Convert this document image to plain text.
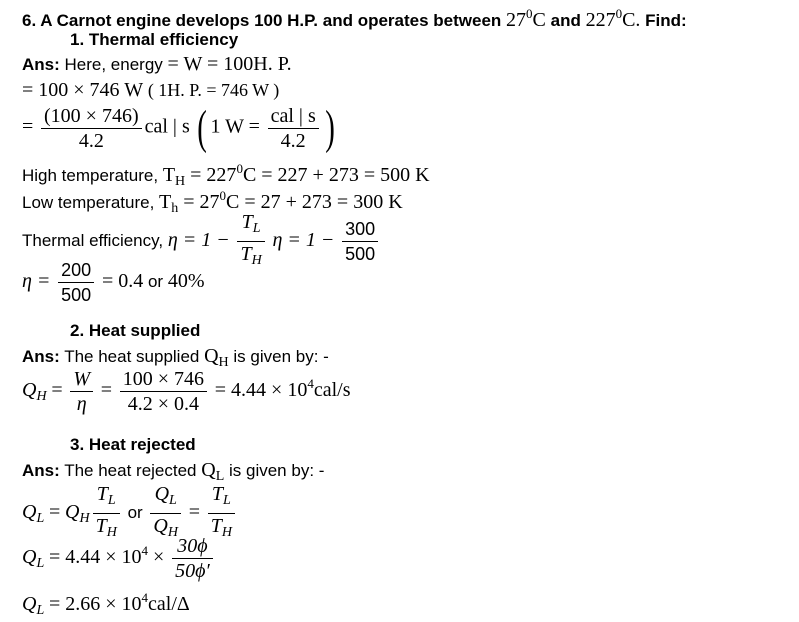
6. A Carnot engine develops 100 H.P. and operates between $27^0C$ and $227^0C$. Find:
1. Thermal efficiency
Ans: Here, energy = W = 100H. P.
= 100 × 746 W ( 1H. P. = 746 W )
= $\frac{(100 \times 746)}{4.2}$ cal | s ( 1 $W = \frac{\text{cal | s}}{4.2}$ )
High temperature, $T_H = 227^0C = 227 + 273 = 500$ K
Low temperature, $T_h = 27^0C = 27 + 273 = 300$ K
Thermal efficiency, $\eta = 1 - \frac{T_L}{T_H}$ $\eta = 1 - \frac{300}{500}$
$\eta = \frac{200}{500} = 0.4$ or 40%
2. Heat supplied
Ans: The heat supplied $Q_H$ is given by: -
$Q_H = \frac{W}{\eta} = \frac{100 \times 746}{4.2 \times 0.4} = 4.44 \times 10^4cal/s$
3. Heat rejected
Ans: The heat rejected $Q_L$ is given by: -
$Q_L = Q_H \frac{T_L}{T_H}$ or $\frac{Q_L}{Q_H} = \frac{T_L}{T_H}$
$Q_L = 4.44 \times 10^4 \times \frac{30\phi}{50\phi'}$
$Q_L = 2.66 \times 10^4cal/\Delta$
